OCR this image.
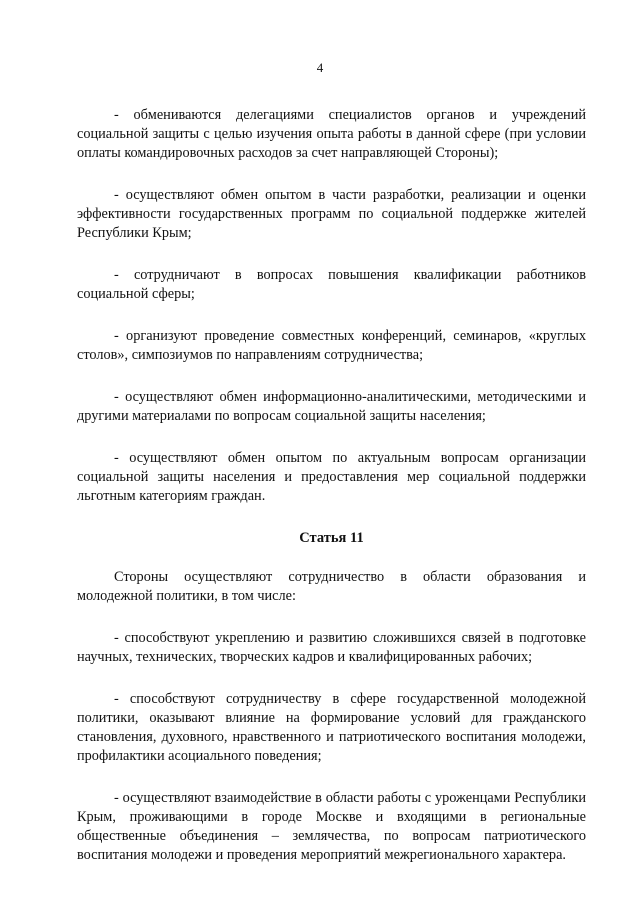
4

- обмениваются делегациями специалистов органов и учреждений социальной защиты с целью изучения опыта работы в данной сфере (при условии оплаты командировочных расходов за счет направляющей Стороны);

- осуществляют обмен опытом в части разработки, реализации и оценки эффективности государственных программ по социальной поддержке жителей Республики Крым;

- сотрудничают в вопросах повышения квалификации работников социальной сферы;

- организуют проведение совместных конференций, семинаров, «круглых столов», симпозиумов по направлениям сотрудничества;

- осуществляют обмен информационно-аналитическими, методическими и другими материалами по вопросам социальной защиты населения;

- осуществляют обмен опытом по актуальным вопросам организации социальной защиты населения и предоставления мер социальной поддержки льготным категориям граждан.

Статья 11

Стороны осуществляют сотрудничество в области образования и молодежной политики, в том числе:

- способствуют укреплению и развитию сложившихся связей в подготовке научных, технических, творческих кадров и квалифицированных рабочих;

- способствуют сотрудничеству в сфере государственной молодежной политики, оказывают влияние на формирование условий для гражданского становления, духовного, нравственного и патриотического воспитания молодежи, профилактики асоциального поведения;

- осуществляют взаимодействие в области работы с уроженцами Республики Крым, проживающими в городе Москве и входящими в региональные общественные объединения – землячества, по вопросам патриотического воспитания молодежи и проведения мероприятий межрегионального характера.
